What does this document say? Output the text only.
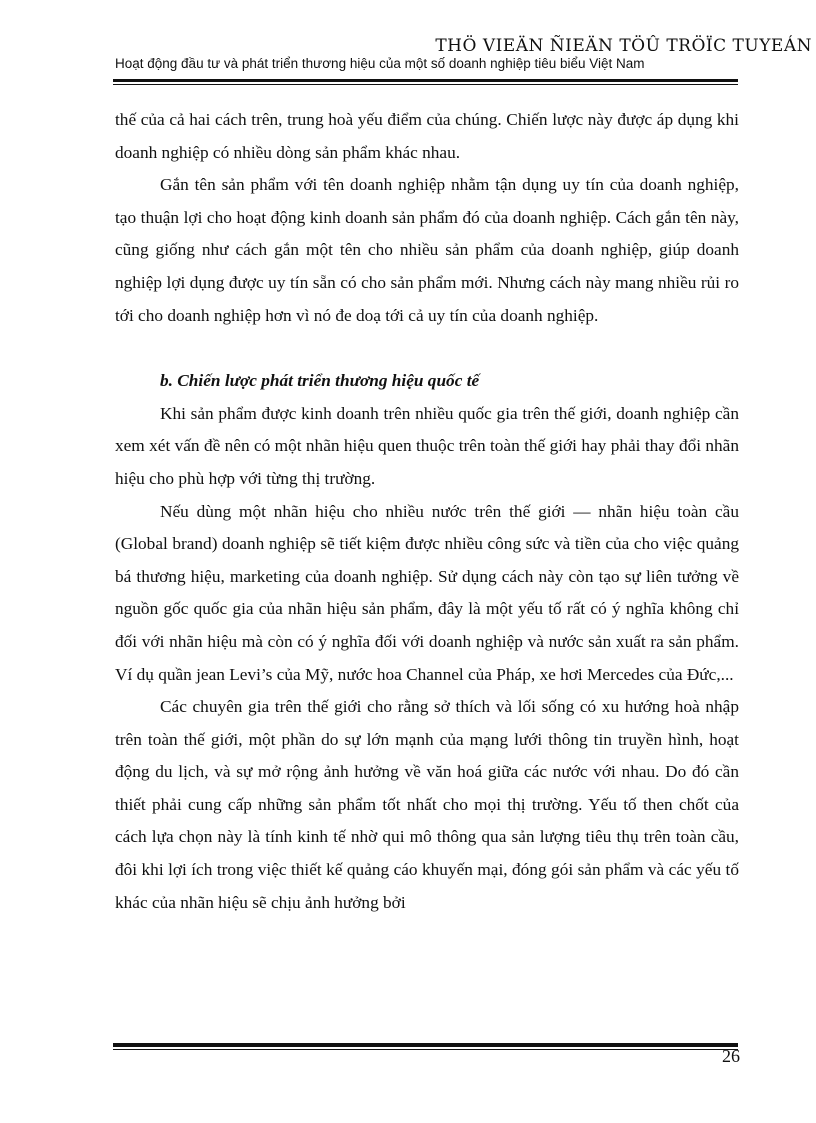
THÖ VIEÄN ÑIEÄN TÖÛ TRÖÏC TUYEÁN
Hoạt động đầu tư và phát triển thương hiệu của một số doanh nghiệp tiêu biểu Việt Nam

thế của cả hai cách trên, trung hoà yếu điểm của chúng. Chiến lược này được áp dụng khi doanh nghiệp có nhiều dòng sản phẩm khác nhau.

Gắn tên sản phẩm với tên doanh nghiệp nhằm tận dụng uy tín của doanh nghiệp, tạo thuận lợi cho hoạt động kinh doanh sản phẩm đó của doanh nghiệp. Cách gắn tên này, cũng giống như cách gắn một tên cho nhiều sản phẩm của doanh nghiệp, giúp doanh nghiệp lợi dụng được uy tín sẵn có cho sản phẩm mới. Nhưng cách này mang nhiều rủi ro tới cho doanh nghiệp hơn vì nó đe doạ tới cả uy tín của doanh nghiệp.

b. Chiến lược phát triển thương hiệu quốc tế

Khi sản phẩm được kinh doanh trên nhiều quốc gia trên thế giới, doanh nghiệp cần xem xét vấn đề nên có một nhãn hiệu quen thuộc trên toàn thế giới hay phải thay đổi nhãn hiệu cho phù hợp với từng thị trường.

Nếu dùng một nhãn hiệu cho nhiều nước trên thế giới — nhãn hiệu toàn cầu (Global brand) doanh nghiệp sẽ tiết kiệm được nhiều công sức và tiền của cho việc quảng bá thương hiệu, marketing của doanh nghiệp. Sử dụng cách này còn tạo sự liên tưởng về nguồn gốc quốc gia của nhãn hiệu sản phẩm, đây là một yếu tố rất có ý nghĩa không chỉ đối với nhãn hiệu mà còn có ý nghĩa đối với doanh nghiệp và nước sản xuất ra sản phẩm. Ví dụ quần jean Levi’s của Mỹ, nước hoa Channel của Pháp, xe hơi Mercedes của Đức,...

Các chuyên gia trên thế giới cho rằng sở thích và lối sống có xu hướng hoà nhập trên toàn thế giới, một phần do sự lớn mạnh của mạng lưới thông tin truyền hình, hoạt động du lịch, và sự mở rộng ảnh hưởng về văn hoá giữa các nước với nhau. Do đó cần thiết phải cung cấp những sản phẩm tốt nhất cho mọi thị trường. Yếu tố then chốt của cách lựa chọn này là tính kinh tế nhờ qui mô thông qua sản lượng tiêu thụ trên toàn cầu, đôi khi lợi ích trong việc thiết kế quảng cáo khuyến mại, đóng gói sản phẩm và các yếu tố khác của nhãn hiệu sẽ chịu ảnh hưởng bởi

26
